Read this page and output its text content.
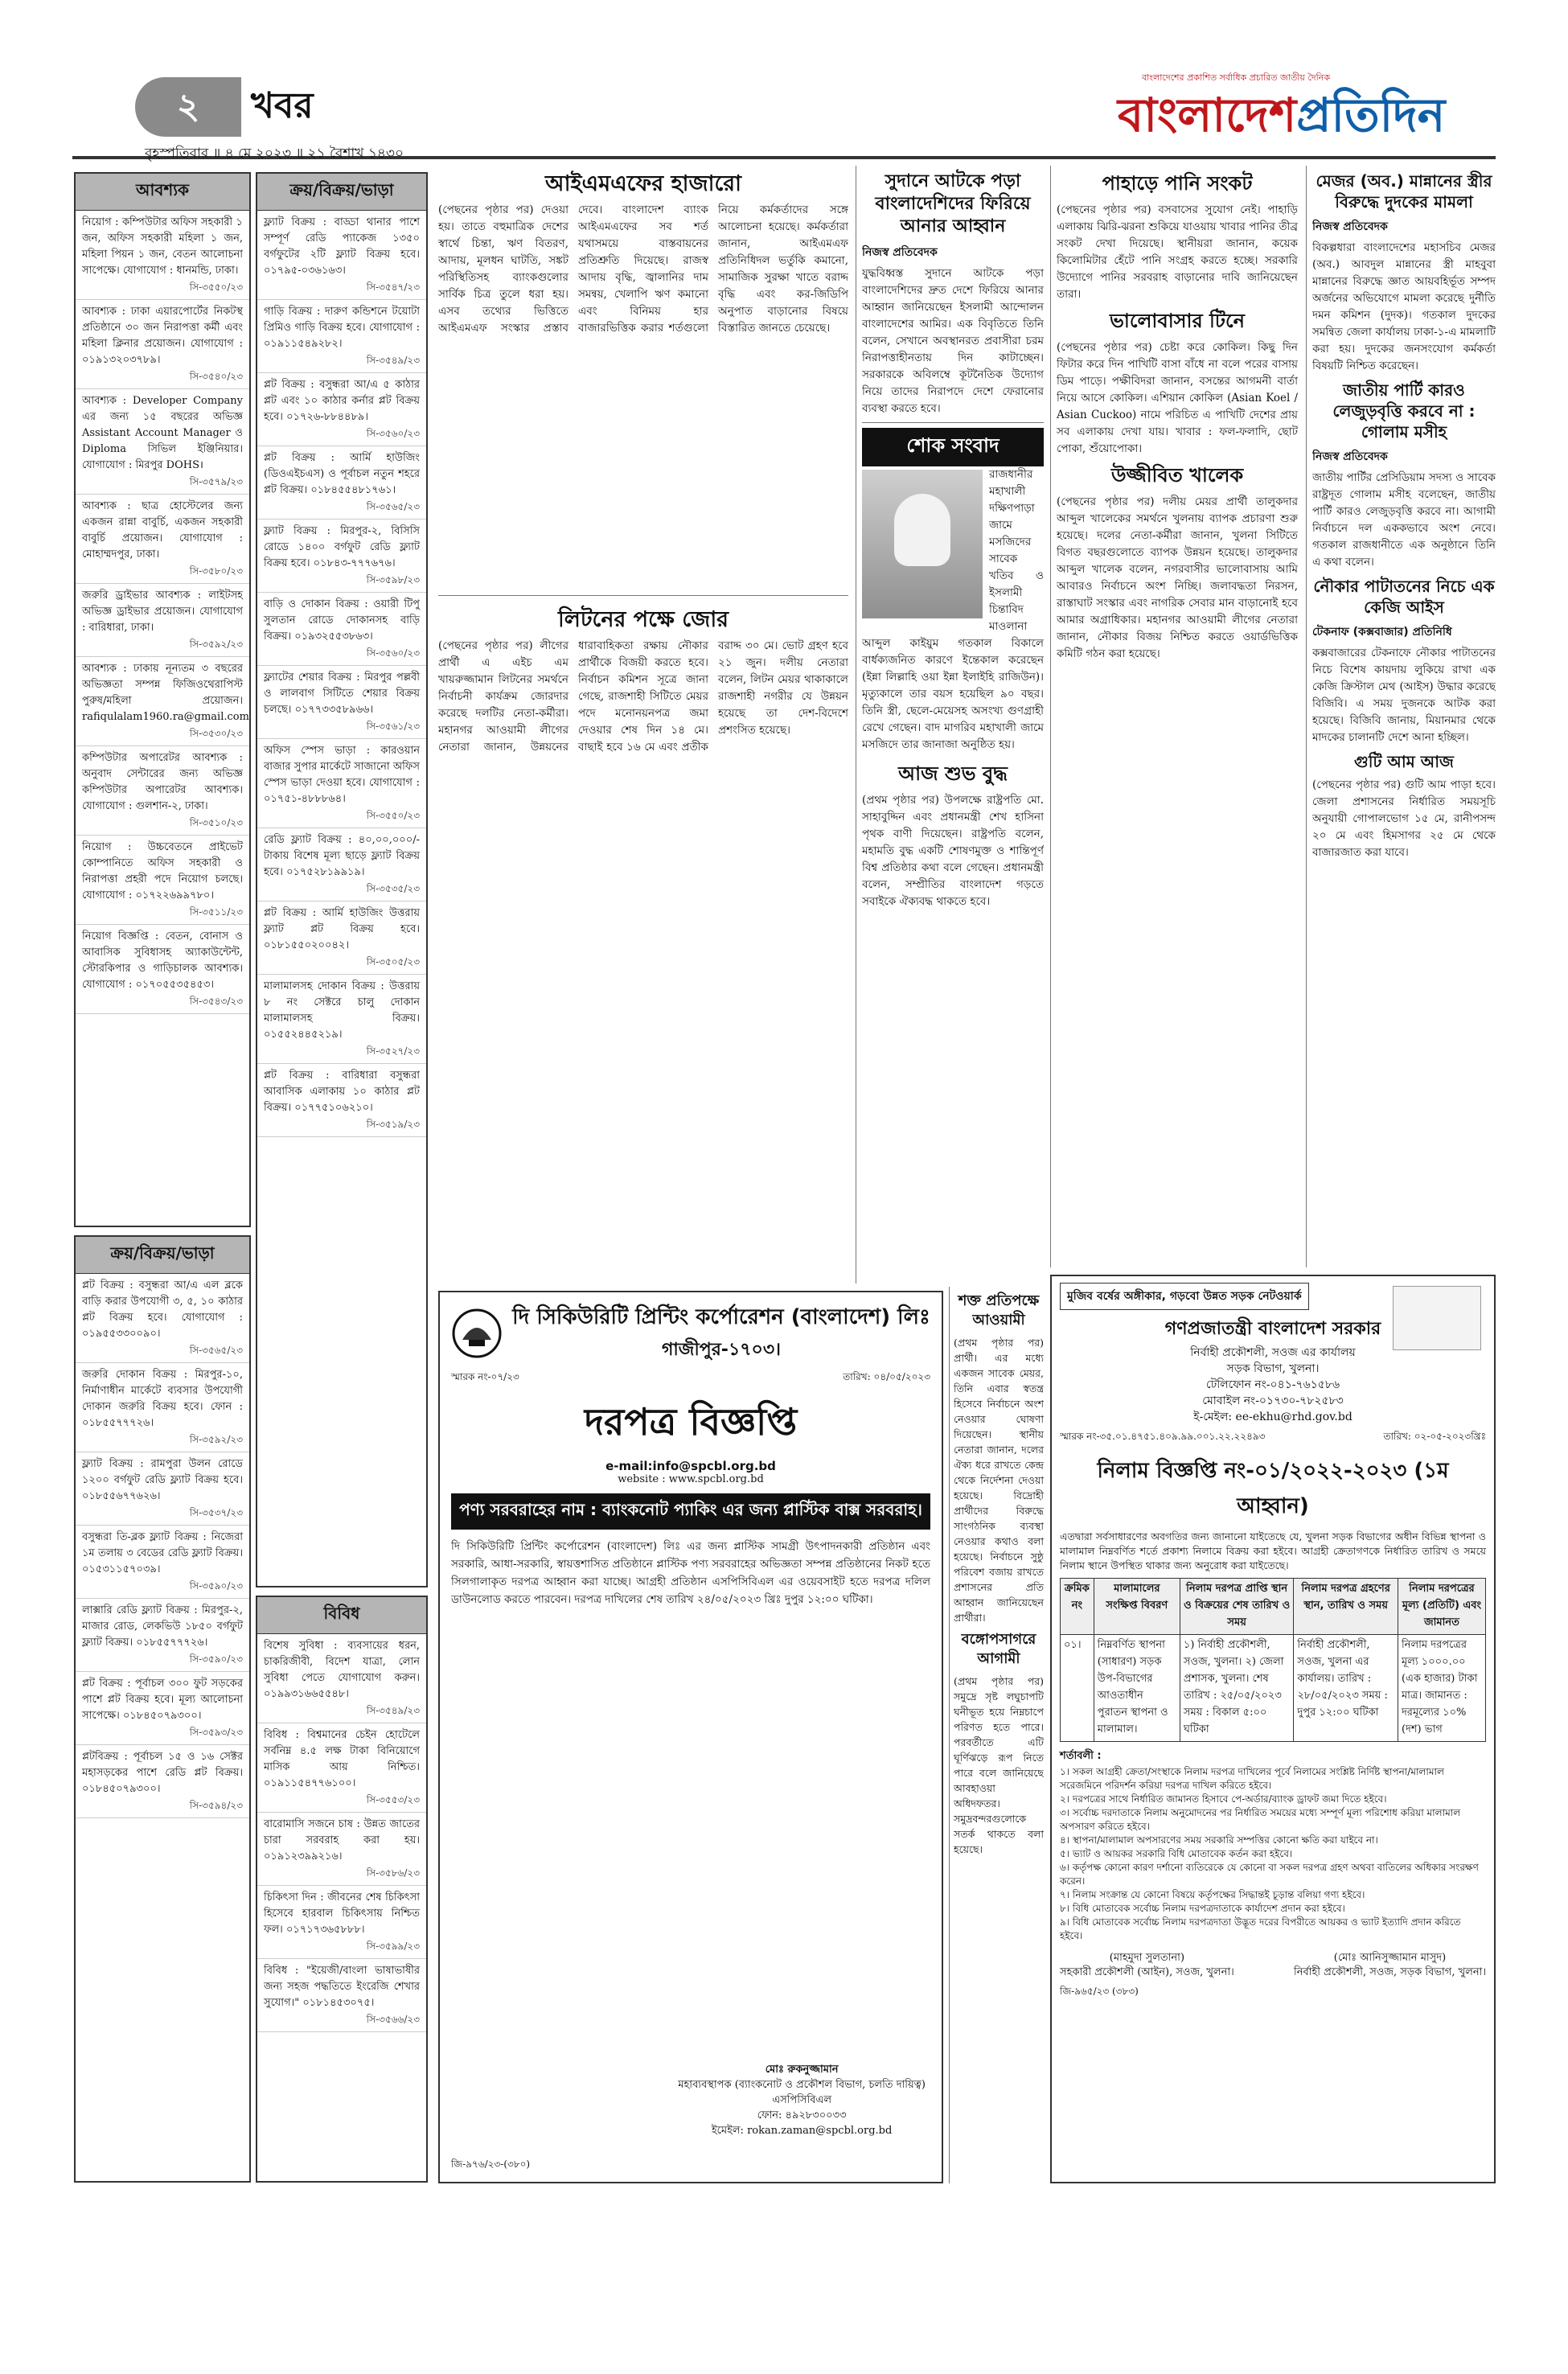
২	খবর
বৃহস্পতিবার ॥ ৪ মে ২০২৩ ॥ ২১ বৈশাখ ১৪৩০
বাংলাদেশের প্রকাশিত সর্বাধিক প্রচারিত জাতীয় দৈনিক
বাংলাদেশপ্রতিদিন
আবশ্যক
নিয়োগ : কম্পিউটার অফিস সহকারী ১ জন, অফিস সহকারী মহিলা ১ জন, মহিলা পিয়ন ১ জন, বেতন আলোচনা সাপেক্ষে। যোগাযোগ : ধানমন্ডি, ঢাকা।
সি-৩৫৫০/২৩
আবশ্যক : ঢাকা এয়ারপোর্টের নিকটস্থ প্রতিষ্ঠানে ৩০ জন নিরাপত্তা কর্মী এবং মহিলা ক্লিনার প্রয়োজন। যোগাযোগ : ০১৯১৩২০৩৭৮৯।
সি-৩৫৪০/২৩
আবশ্যক : Developer Company এর জন্য ১৫ বছরের অভিজ্ঞ Assistant Account Manager ও Diploma সিভিল ইঞ্জিনিয়ার। যোগাযোগ : মিরপুর DOHS।
সি-৩৫৭৯/২৩
আবশ্যক : ছাত্র হোস্টেলের জন্য একজন রান্না বাবুর্চি, একজন সহকারী বাবুর্চি প্রয়োজন। যোগাযোগ : মোহাম্মদপুর, ঢাকা।
সি-৩৫৮০/২৩
জরুরি ড্রাইভার আবশ্যক : লাইটসহ অভিজ্ঞ ড্রাইভার প্রয়োজন। যোগাযোগ : বারিধারা, ঢাকা।
সি-৩৫৯২/২৩
আবশ্যক : ঢাকায় নূন্যতম ৩ বছরের অভিজ্ঞতা সম্পন্ন ফিজিওথেরাপিস্ট পুরুষ/মহিলা প্রয়োজন। rafiqulalam1960.ra@gmail.com
সি-৩৫৩০/২৩
কম্পিউটার অপারেটর আবশ্যক : অনুবাদ সেন্টারের জন্য অভিজ্ঞ কম্পিউটার অপারেটর আবশ্যক। যোগাযোগ : গুলশান-২, ঢাকা।
সি-৩৫১০/২৩
নিয়োগ : উচ্চবেতনে প্রাইভেট কোম্পানিতে অফিস সহকারী ও নিরাপত্তা প্রহরী পদে নিয়োগ চলছে। যোগাযোগ : ০১৭২২৬৯৯৭৮০।
সি-৩৫১১/২৩
নিয়োগ বিজ্ঞপ্তি : বেতন, বোনাস ও আবাসিক সুবিধাসহ অ্যাকাউন্টেন্ট, স্টোরকিপার ও গাড়িচালক আবশ্যক। যোগাযোগ : ০১৭০৫৫৩৫৪৫৩।
সি-৩৫৪৩/২৩
ক্রয়/বিক্রয়/ভাড়া
প্লট বিক্রয় : বসুন্ধরা আ/এ এল ব্লকে বাড়ি করার উপযোগী ৩, ৫, ১০ কাঠার প্লট বিক্রয় হবে। যোগাযোগ : ০১৯৫৫৩৩০০৯০।
সি-৩৫৬৫/২৩
জরুরি দোকান বিক্রয় : মিরপুর-১০, নির্মাণাধীন মার্কেটে ব্যবসার উপযোগী দোকান জরুরি বিক্রয় হবে। ফোন : ০১৮৫৫৭৭৭২৬।
সি-৩৫৯২/২৩
ফ্ল্যাট বিক্রয় : রামপুরা উলন রোডে ১২০০ বর্গফুট রেডি ফ্ল্যাট বিক্রয় হবে। ০১৮৫৫৬৭৭৬২৬।
সি-৩৫৩৭/২৩
বসুন্ধরা তি-ব্লক ফ্ল্যাট বিক্রয় : নিজেরা ১ম তলায় ৩ বেডের রেডি ফ্ল্যাট বিক্রয়। ০১৫৩১১৫৭০৩৯।
সি-৩৫৯০/২৩
লাক্সারি রেডি ফ্ল্যাট বিক্রয় : মিরপুর-২, মাজার রোড, লেকভিউ ১৮৫০ বর্গফুট ফ্ল্যাট বিক্রয়। ০১৮৫৫৭৭৭২৬।
সি-৩৫৯০/২৩
প্লট বিক্রয় : পূর্বাচল ৩০০ ফুট সড়কের পাশে প্লট বিক্রয় হবে। মূল্য আলোচনা সাপেক্ষে। ০১৮৪৫০৭৯৩০০।
সি-৩৫৯৩/২৩
প্লটবিক্রয় : পূর্বাচল ১৫ ও ১৬ সেক্টর মহাসড়কের পাশে রেডি প্লট বিক্রয়। ০১৮৪৫০৭৯৩০০।
সি-৩৫৯৪/২৩
ক্রয়/বিক্রয়/ভাড়া
ফ্ল্যাট বিক্রয় : বাড্ডা থানার পাশে সম্পূর্ণ রেডি প্যাকেজ ১৩৫০ বর্গফুটের ২টি ফ্ল্যাট বিক্রয় হবে। ০১৭৯৫-০৩৬১৬৩।
সি-৩৫৪৭/২৩
গাড়ি বিক্রয় : দারুণ কন্ডিশনে টয়োটা প্রিমিও গাড়ি বিক্রয় হবে। যোগাযোগ : ০১৯১১৫৪৯২৮২।
সি-৩৫৪৯/২৩
প্লট বিক্রয় : বসুন্ধরা আ/এ ৫ কাঠার প্লট এবং ১০ কাঠার কর্নার প্লট বিক্রয় হবে। ০১৭২৬-৮৮৪৪৮৯।
সি-৩৫৬০/২৩
প্লট বিক্রয় : আর্মি হাউজিং (ডিওএইচএস) ও পূর্বাচল নতুন শহরে প্লট বিক্রয়। ০১৮৪৫৫৪৮১৭৬১।
সি-৩৫৬৫/২৩
ফ্ল্যাট বিক্রয় : মিরপুর-২, বিসিসি রোডে ১৪০০ বর্গফুট রেডি ফ্ল্যাট বিক্রয় হবে। ০১৮৪৩-৭৭৭৬৭৬।
সি-৩৫৯৮/২৩
বাড়ি ও দোকান বিক্রয় : ওয়ারী টিপু সুলতান রোডে দোকানসহ বাড়ি বিক্রয়। ০১৯৩২৫৫৩৮৬৩।
সি-৩৫৬০/২৩
ফ্ল্যাটের শেয়ার বিক্রয় : মিরপুর পল্লবী ও লালবাগ সিটিতে শেয়ার বিক্রয় চলছে। ০১৭৭৩৩৫৮৯৬৬।
সি-৩৫৬১/২৩
অফিস স্পেস ভাড়া : কারওয়ান বাজার সুপার মার্কেটে সাজানো অফিস স্পেস ভাড়া দেওয়া হবে। যোগাযোগ : ০১৭৫১-৪৮৮৮৬৪।
সি-৩৫৫০/২৩
রেডি ফ্ল্যাট বিক্রয় : ৪০,০০,০০০/- টাকায় বিশেষ মূল্য ছাড়ে ফ্ল্যাট বিক্রয় হবে। ০১৭৫২৮১৯৯১৯।
সি-৩৫৩৫/২৩
প্লট বিক্রয় : আর্মি হাউজিং উত্তরায় ফ্ল্যাট প্লট বিক্রয় হবে। ০১৮১৫৫০২০০৪২।
সি-৩৫০৫/২৩
মালামালসহ দোকান বিক্রয় : উত্তরায় ৮ নং সেক্টরে চালু দোকান মালামালসহ বিক্রয়। ০১৫৫২৪৪৫২১৯।
সি-৩৫২৭/২৩
প্লট বিক্রয় : বারিধারা বসুন্ধরা আবাসিক এলাকায় ১০ কাঠার প্লট বিক্রয়। ০১৭৭৫১০৬২১০।
সি-৩৫১৯/২৩
বিবিধ
বিশেষ সুবিধা : ব্যবসায়ের ধরন, চাকরিজীবী, বিদেশ যাত্রা, লোন সুবিধা পেতে যোগাযোগ করুন। ০১৯৯৩১৬৬৫৫৪৮।
সি-৩৫৪৯/২৩
বিবিধ : বিশ্বমানের চেইন হোটেলে সর্বনিম্ন ৪.৫ লক্ষ টাকা বিনিয়োগে মাসিক আয় নিশ্চিত। ০১৯১১৫৪৭৭৬১০০।
সি-৩৫৫৩/২৩
বারোমাসি সজনে চাষ : উন্নত জাতের চারা সরবরাহ করা হয়। ০১৯১২৩৯৯২১৬।
সি-৩৫৮৬/২৩
চিকিৎসা দিন : জীবনের শেষ চিকিৎসা হিসেবে হারবাল চিকিৎসায় নিশ্চিত ফল। ০১৭১৭৩৬৫৮৮৮।
সি-৩৫৯৯/২৩
বিবিধ : "ইয়েজী/বাংলা ভাষাভাষীর জন্য সহজ পদ্ধতিতে ইংরেজি শেখার সুযোগ।" ০১৮১৪৫৩০৭৫।
সি-৩৫৬৬/২৩
আইএমএফের হাজারো

(পেছনের পৃষ্ঠার পর) দেওয়া হয়। তাতে বহুমাত্রিক দেশের স্বার্থে চিন্তা, ঋণ বিতরণ, আদায়, মূলধন ঘাটতি, সঙ্কট পরিস্থিতিসহ ব্যাংকগুলোর সার্বিক চিত্র তুলে ধরা হয়। এসব তথ্যের ভিত্তিতে আইএমএফ সংস্কার প্রস্তাব দেবে। বাংলাদেশ ব্যাংক আইএমএফের সব শর্ত যথাসময়ে বাস্তবায়নের প্রতিশ্রুতি দিয়েছে। রাজস্ব আদায় বৃদ্ধি, জ্বালানির দাম সমন্বয়, খেলাপি ঋণ কমানো এবং বিনিময় হার বাজারভিত্তিক করার শর্তগুলো নিয়ে কর্মকর্তাদের সঙ্গে আলোচনা হয়েছে। কর্মকর্তারা জানান, আইএমএফ প্রতিনিধিদল ভর্তুকি কমানো, সামাজিক সুরক্ষা খাতে বরাদ্দ বৃদ্ধি এবং কর-জিডিপি অনুপাত বাড়ানোর বিষয়ে বিস্তারিত জানতে চেয়েছে।

লিটনের পক্ষে জোর

(পেছনের পৃষ্ঠার পর) লীগের প্রার্থী এ এইচ এম খায়রুজ্জামান লিটনের সমর্থনে নির্বাচনী কার্যক্রম জোরদার করেছে দলটির নেতা-কর্মীরা। মহানগর আওয়ামী লীগের নেতারা জানান, উন্নয়নের ধারাবাহিকতা রক্ষায় নৌকার প্রার্থীকে বিজয়ী করতে হবে। নির্বাচন কমিশন সূত্রে জানা গেছে, রাজশাহী সিটিতে মেয়র পদে মনোনয়নপত্র জমা দেওয়ার শেষ দিন ১৪ মে। বাছাই হবে ১৬ মে এবং প্রতীক বরাদ্দ ৩০ মে। ভোট গ্রহণ হবে ২১ জুন। দলীয় নেতারা বলেন, লিটন মেয়র থাকাকালে রাজশাহী নগরীর যে উন্নয়ন হয়েছে তা দেশ-বিদেশে প্রশংসিত হয়েছে।

দি সিকিউরিটি প্রিন্টিং কর্পোরেশন (বাংলাদেশ) লিঃ
গাজীপুর-১৭০৩।
স্মারক নং-০৭/২৩	তারিখ: ০৪/০৫/২০২৩
দরপত্র বিজ্ঞপ্তি
e-mail:info@spcbl.org.bd
website : www.spcbl.org.bd
পণ্য সরবরাহের নাম : ব্যাংকনোট প্যাকিং এর জন্য প্লাস্টিক বাক্স সরবরাহ।

দি সিকিউরিটি প্রিন্টিং কর্পোরেশন (বাংলাদেশ) লিঃ এর জন্য প্লাস্টিক সামগ্রী উৎপাদনকারী প্রতিষ্ঠান এবং সরকারি, আধা-সরকারি, স্বায়ত্তশাসিত প্রতিষ্ঠানে প্লাস্টিক পণ্য সরবরাহের অভিজ্ঞতা সম্পন্ন প্রতিষ্ঠানের নিকট হতে সিলগালাকৃত দরপত্র আহ্বান করা যাচ্ছে। আগ্রহী প্রতিষ্ঠান এসপিসিবিএল এর ওয়েবসাইট হতে দরপত্র দলিল ডাউনলোড করতে পারবেন। দরপত্র দাখিলের শেষ তারিখ ২৪/০৫/২০২৩ খ্রিঃ দুপুর ১২:০০ ঘটিকা।

মোঃ রুকনুজ্জামান
মহাব্যবস্থাপক (ব্যাংকনোট ও প্রকৌশল বিভাগ, চলতি দায়িত্ব)
এসপিসিবিএল
ফোন: ৪৯২৮৩০০৩৩
ইমেইল: rokan.zaman@spcbl.org.bd
জি-৯৭৬/২৩-(৩৮০)
সুদানে আটকে পড়া বাংলাদেশিদের ফিরিয়ে আনার আহ্বান
নিজস্ব প্রতিবেদক

যুদ্ধবিধ্বস্ত সুদানে আটকে পড়া বাংলাদেশিদের দ্রুত দেশে ফিরিয়ে আনার আহ্বান জানিয়েছেন ইসলামী আন্দোলন বাংলাদেশের আমির। এক বিবৃতিতে তিনি বলেন, সেখানে অবস্থানরত প্রবাসীরা চরম নিরাপত্তাহীনতায় দিন কাটাচ্ছেন। সরকারকে অবিলম্বে কূটনৈতিক উদ্যোগ নিয়ে তাদের নিরাপদে দেশে ফেরানোর ব্যবস্থা করতে হবে।

শোক সংবাদ

রাজধানীর মহাখালী দক্ষিণপাড়া জামে মসজিদের সাবেক খতিব ও ইসলামী চিন্তাবিদ মাওলানা আব্দুল কাইয়ুম গতকাল বিকালে বার্ধক্যজনিত কারণে ইন্তেকাল করেছেন (ইন্না লিল্লাহি ওয়া ইন্না ইলাইহি রাজিউন)। মৃত্যুকালে তার বয়স হয়েছিল ৯০ বছর। তিনি স্ত্রী, ছেলে-মেয়েসহ অসংখ্য গুণগ্রাহী রেখে গেছেন। বাদ মাগরিব মহাখালী জামে মসজিদে তার জানাজা অনুষ্ঠিত হয়।

আজ শুভ বুদ্ধ

(প্রথম পৃষ্ঠার পর) উপলক্ষে রাষ্ট্রপতি মো. সাহাবুদ্দিন এবং প্রধানমন্ত্রী শেখ হাসিনা পৃথক বাণী দিয়েছেন। রাষ্ট্রপতি বলেন, মহামতি বুদ্ধ একটি শোষণমুক্ত ও শান্তিপূর্ণ বিশ্ব প্রতিষ্ঠার কথা বলে গেছেন। প্রধানমন্ত্রী বলেন, সম্প্রীতির বাংলাদেশ গড়তে সবাইকে ঐক্যবদ্ধ থাকতে হবে।

শক্ত প্রতিপক্ষে আওয়ামী

(প্রথম পৃষ্ঠার পর) প্রার্থী। এর মধ্যে একজন সাবেক মেয়র, তিনি এবার স্বতন্ত্র হিসেবে নির্বাচনে অংশ নেওয়ার ঘোষণা দিয়েছেন। স্থানীয় নেতারা জানান, দলের ঐক্য ধরে রাখতে কেন্দ্র থেকে নির্দেশনা দেওয়া হয়েছে। বিদ্রোহী প্রার্থীদের বিরুদ্ধে সাংগঠনিক ব্যবস্থা নেওয়ার কথাও বলা হয়েছে। নির্বাচনে সুষ্ঠু পরিবেশ বজায় রাখতে প্রশাসনের প্রতি আহ্বান জানিয়েছেন প্রার্থীরা।

বঙ্গোপসাগরে আগামী

(প্রথম পৃষ্ঠার পর) সমুদ্রে সৃষ্ট লঘুচাপটি ঘনীভূত হয়ে নিম্নচাপে পরিণত হতে পারে। পরবর্তীতে এটি ঘূর্ণিঝড়ে রূপ নিতে পারে বলে জানিয়েছে আবহাওয়া অধিদফতর। সমুদ্রবন্দরগুলোকে সতর্ক থাকতে বলা হয়েছে।

পাহাড়ে পানি সংকট

(পেছনের পৃষ্ঠার পর) বসবাসের সুযোগ নেই। পাহাড়ি এলাকায় ঝিরি-ঝরনা শুকিয়ে যাওয়ায় খাবার পানির তীব্র সংকট দেখা দিয়েছে। স্থানীয়রা জানান, কয়েক কিলোমিটার হেঁটে পানি সংগ্রহ করতে হচ্ছে। সরকারি উদ্যোগে পানির সরবরাহ বাড়ানোর দাবি জানিয়েছেন তারা।

ভালোবাসার টিনে

(পেছনের পৃষ্ঠার পর) চেষ্টা করে কোকিল। কিছু দিন ফিটার করে দিন পাখিটি বাসা বাঁধে না বলে পরের বাসায় ডিম পাড়ে। পক্ষীবিদরা জানান, বসন্তের আগমনী বার্তা নিয়ে আসে কোকিল। এশিয়ান কোকিল (Asian Koel / Asian Cuckoo) নামে পরিচিত এ পাখিটি দেশের প্রায় সব এলাকায় দেখা যায়। খাবার : ফল-ফলাদি, ছোট পোকা, শুঁয়োপোকা।

উজ্জীবিত খালেক

(পেছনের পৃষ্ঠার পর) দলীয় মেয়র প্রার্থী তালুকদার আব্দুল খালেকের সমর্থনে খুলনায় ব্যাপক প্রচারণা শুরু হয়েছে। দলের নেতা-কর্মীরা জানান, খুলনা সিটিতে বিগত বছরগুলোতে ব্যাপক উন্নয়ন হয়েছে। তালুকদার আব্দুল খালেক বলেন, নগরবাসীর ভালোবাসায় আমি আবারও নির্বাচনে অংশ নিচ্ছি। জলাবদ্ধতা নিরসন, রাস্তাঘাট সংস্কার এবং নাগরিক সেবার মান বাড়ানোই হবে আমার অগ্রাধিকার। মহানগর আওয়ামী লীগের নেতারা জানান, নৌকার বিজয় নিশ্চিত করতে ওয়ার্ডভিত্তিক কমিটি গঠন করা হয়েছে।

মেজর (অব.) মান্নানের স্ত্রীর বিরুদ্ধে দুদকের মামলা
নিজস্ব প্রতিবেদক

বিকল্পধারা বাংলাদেশের মহাসচিব মেজর (অব.) আবদুল মান্নানের স্ত্রী মাহবুবা মান্নানের বিরুদ্ধে জ্ঞাত আয়বহির্ভূত সম্পদ অর্জনের অভিযোগে মামলা করেছে দুর্নীতি দমন কমিশন (দুদক)। গতকাল দুদকের সমন্বিত জেলা কার্যালয় ঢাকা-১-এ মামলাটি করা হয়। দুদকের জনসংযোগ কর্মকর্তা বিষয়টি নিশ্চিত করেছেন।

জাতীয় পার্টি কারও লেজুড়বৃত্তি করবে না : গোলাম মসীহ
নিজস্ব প্রতিবেদক

জাতীয় পার্টির প্রেসিডিয়াম সদস্য ও সাবেক রাষ্ট্রদূত গোলাম মসীহ বলেছেন, জাতীয় পার্টি কারও লেজুড়বৃত্তি করবে না। আগামী নির্বাচনে দল এককভাবে অংশ নেবে। গতকাল রাজধানীতে এক অনুষ্ঠানে তিনি এ কথা বলেন।

নৌকার পাটাতনের নিচে এক কেজি আইস
টেকনাফ (কক্সবাজার) প্রতিনিধি

কক্সবাজারের টেকনাফে নৌকার পাটাতনের নিচে বিশেষ কায়দায় লুকিয়ে রাখা এক কেজি ক্রিস্টাল মেথ (আইস) উদ্ধার করেছে বিজিবি। এ সময় দুজনকে আটক করা হয়েছে। বিজিবি জানায়, মিয়ানমার থেকে মাদকের চালানটি দেশে আনা হচ্ছিল।

গুটি আম আজ

(পেছনের পৃষ্ঠার পর) গুটি আম পাড়া হবে। জেলা প্রশাসনের নির্ধারিত সময়সূচি অনুযায়ী গোপালভোগ ১৫ মে, রানীপসন্দ ২০ মে এবং হিমসাগর ২৫ মে থেকে বাজারজাত করা যাবে।

মুজিব বর্ষের অঙ্গীকার, গড়বো উন্নত সড়ক নেটওয়ার্ক
গণপ্রজাতন্ত্রী বাংলাদেশ সরকার
নির্বাহী প্রকৌশলী, সওজ এর কার্যালয়
সড়ক বিভাগ, খুলনা।
টেলিফোন নং-০৪১-৭৬১৫৮৬
মোবাইল নং-০১৭৩০-৭৮২৫৮৩
ই-মেইল: ee-ekhu@rhd.gov.bd
স্মারক নং-৩৫.০১.৪৭৫১.৪০৯.৯৯.০০১.২২.২২৪৯৩	তারিখ: ০২-০৫-২০২৩খ্রিঃ
নিলাম বিজ্ঞপ্তি নং-০১/২০২২-২০২৩ (১ম আহ্বান)

এতদ্বারা সর্বসাধারণের অবগতির জন্য জানানো যাইতেছে যে, খুলনা সড়ক বিভাগের অধীন বিভিন্ন স্থাপনা ও মালামাল নিম্নবর্ণিত শর্তে প্রকাশ্য নিলামে বিক্রয় করা হইবে। আগ্রহী ক্রেতাগণকে নির্ধারিত তারিখ ও সময়ে নিলাম স্থানে উপস্থিত থাকার জন্য অনুরোধ করা যাইতেছে।

ক্রমিক নং	মালামালের সংক্ষিপ্ত বিবরণ	নিলাম দরপত্র প্রাপ্তি স্থান ও বিক্রয়ের শেষ তারিখ ও সময়	নিলাম দরপত্র গ্রহণের স্থান, তারিখ ও সময়	নিলাম দরপত্রের মূল্য (প্রতিটি) এবং জামানত
০১।	নিম্নবর্ণিত স্থাপনা (সাধারণ) সড়ক উপ-বিভাগের আওতাধীন পুরাতন স্থাপনা ও মালামাল।	১) নির্বাহী প্রকৌশলী, সওজ, খুলনা। ২) জেলা প্রশাসক, খুলনা। শেষ তারিখ : ২৫/০৫/২০২৩ সময় : বিকাল ৫:০০ ঘটিকা	নির্বাহী প্রকৌশলী, সওজ, খুলনা এর কার্যালয়। তারিখ : ২৮/০৫/২০২৩ সময় : দুপুর ১২:০০ ঘটিকা	নিলাম দরপত্রের মূল্য ১০০০.০০ (এক হাজার) টাকা মাত্র। জামানত : দরমূল্যের ১০% (দশ) ভাগ
শর্তাবলী :
১। সকল আগ্রহী ক্রেতা/সংস্থাকে নিলাম দরপত্র দাখিলের পূর্বে নিলামের সংশ্লিষ্ট নির্দিষ্ট স্থাপনা/মালামাল সরেজমিনে পরিদর্শন করিয়া দরপত্র দাখিল করিতে হইবে।
২। দরপত্রের সাথে নির্ধারিত জামানত হিসাবে পে-অর্ডার/ব্যাংক ড্রাফট জমা দিতে হইবে।
৩। সর্বোচ্চ দরদাতাকে নিলাম অনুমোদনের পর নির্ধারিত সময়ের মধ্যে সম্পূর্ণ মূল্য পরিশোধ করিয়া মালামাল অপসারণ করিতে হইবে।
৪। স্থাপনা/মালামাল অপসারণের সময় সরকারি সম্পত্তির কোনো ক্ষতি করা যাইবে না।
৫। ভ্যাট ও আয়কর সরকারি বিধি মোতাবেক কর্তন করা হইবে।
৬। কর্তৃপক্ষ কোনো কারণ দর্শানো ব্যতিরেকে যে কোনো বা সকল দরপত্র গ্রহণ অথবা বাতিলের অধিকার সংরক্ষণ করেন।
৭। নিলাম সংক্রান্ত যে কোনো বিষয়ে কর্তৃপক্ষের সিদ্ধান্তই চূড়ান্ত বলিয়া গণ্য হইবে।
৮। বিধি মোতাবেক সর্বোচ্চ নিলাম দরপত্রদাতাকে কার্যাদেশ প্রদান করা হইবে।
৯। বিধি মোতাবেক সর্বোচ্চ নিলাম দরপত্রদাতা উদ্ভূত দরের বিপরীতে আয়কর ও ভ্যাট ইত্যাদি প্রদান করিতে হইবে।
(মাহমুদা সুলতানা)
সহকারী প্রকৌশলী (আইন), সওজ, খুলনা।
(মোঃ আনিসুজ্জামান মাসুদ)
নির্বাহী প্রকৌশলী, সওজ, সড়ক বিভাগ, খুলনা।
জি-৯৬৫/২৩ (৩৮৩)
